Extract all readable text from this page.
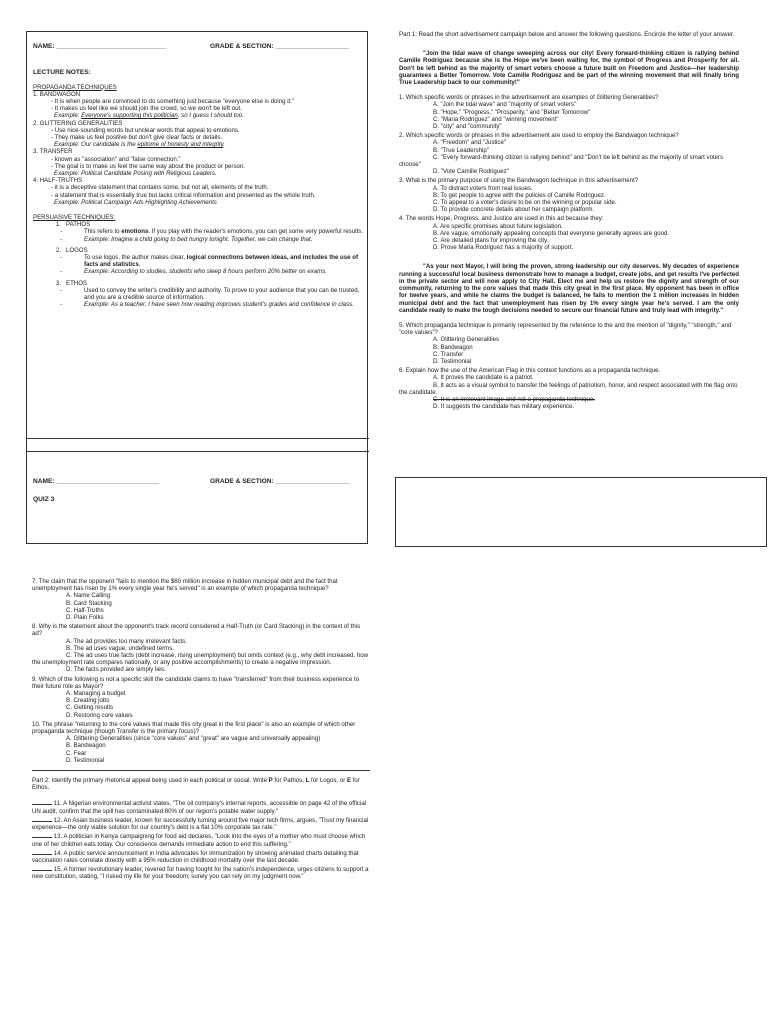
NAME: ______________________________	GRADE & SECTION: ____________________

LECTURE NOTES:

PROPAGANDA TECHNIQUES

1. BANDWAGON

- It is when people are convinced to do something just because "everyone else is doing it."

- It makes us feel like we should join the crowd, so we won't be left out.

Example: Everyone's supporting this politician, so I guess I should too.

2. GLITTERING GENERALITIES

- Use nice-sounding words but unclear words that appeal to emotions.

- They make us feel positive but don't give clear facts or details.

Example: Our candidate is the epitome of honesty and integrity.

3. TRANSFER

- known as "association" and "false connection."

- The goal is to make us feel the same way about the product or person.

Example: Political Candidate Posing with Religious Leaders.

4. HALF-TRUTHS

- it is a deceptive statement that contains some, but not all, elements of the truth.

- a statement that is essentially true but lacks critical information and presented as the whole truth.

Example: Political Campaign Ads Highlighting Achievements

PERSUASIVE TECHNIQUES:

1. PATHOS
-	This refers to emotions. If you play with the reader's emotions, you can get some very powerful results.
-	Example: Imagine a child going to bed hungry tonight. Together, we can change that.
2. LOGOS
-	To use logos, the author makes clear, logical connections between ideas, and includes the use of facts and statistics.
-	Example: According to studies, students who sleep 8 hours perform 20% better on exams.
3. ETHOS
-	Used to convey the writer's credibility and authority. To prove to your audience that you can be trusted, and you are a credible source of information.
-	Example: As a teacher, I have seen how reading improves student's grades and confidence in class.
NAME: ____________________________	GRADE & SECTION: ____________________
QUIZ 3

Part 1: Read the short advertisement campaign below and answer the following questions. Encircle the letter of your answer.

"Join the tidal wave of change sweeping across our city! Every forward-thinking citizen is rallying behind Camille Rodriguez because she is the Hope we've been waiting for, the symbol of Progress and Prosperity for all. Don't be left behind as the majority of smart voters choose a future built on Freedom and Justice—her leadership guarantees a Better Tomorrow. Vote Camille Rodriguez and be part of the winning movement that will finally bring True Leadership back to our community!"

1. Which specific words or phrases in the advertisement are examples of Glittering Generalities?

A. "Join the tidal wave" and "majority of smart voters"

B. "Hope," "Progress," "Prosperity," and "Better Tomorrow"

C. "Maria Rodriguez" and "winning movement"

D. "city" and "community"

2. Which specific words or phrases in the advertisement are used to employ the Bandwagon technique?

A. "Freedom" and "Justice"

B. "True Leadership"

C. "Every forward-thinking citizen is rallying behind" and "Don't be left behind as the majority of smart voters choose"

D. "Vote Camille Rodriguez"

3. What is the primary purpose of using the Bandwagon technique in this advertisement?

A. To distract voters from real issues.

B. To get people to agree with the policies of Camille Rodriguez.

C. To appeal to a voter's desire to be on the winning or popular side.

D. To provide concrete details about her campaign platform.

4. The words Hope, Progress, and Justice are used in this ad because they:

A. Are specific promises about future legislation.

B. Are vague, emotionally appealing concepts that everyone generally agrees are good.

C. Are detailed plans for improving the city.

D. Prove Maria Rodriguez has a majority of support.

"As your next Mayor, I will bring the proven, strong leadership our city deserves. My decades of experience running a successful local business demonstrate how to manage a budget, create jobs, and get results I've perfected in the private sector and will now apply to City Hall. Elect me and help us restore the dignity and strength of our community, returning to the core values that made this city great in the first place. My opponent has been in office for twelve years, and while he claims the budget is balanced, he fails to mention the 1 million increases in hidden municipal debt and the fact that unemployment has risen by 1% every single year he's served. I am the only candidate ready to make the tough decisions needed to secure our financial future and truly lead with integrity."

5. Which propaganda technique is primarily represented by the reference to the and the mention of "dignity," "strength," and "core values"?

A. Glittering Generalities

B. Bandwagon

C. Transfer

D. Testimonial

6. Explain how the use of the American Flag in this context functions as a propaganda technique.

A. It proves the candidate is a patriot.

B. It acts as a visual symbol to transfer the feelings of patriotism, honor, and respect associated with the flag onto the candidate.

C. It is an irrelevant image and not a propaganda technique.

D. It suggests the candidate has military experience.

7. The claim that the opponent "fails to mention the $60 million increase in hidden municipal debt and the fact that unemployment has risen by 1% every single year he's served" is an example of which propaganda technique?

A. Name Calling

B. Card Stacking

C. Half-Truths

D. Plain Folks

8. Why is the statement about the opponent's track record considered a Half-Truth (or Card Stacking) in the context of this ad?

A. The ad provides too many irrelevant facts.

B. The ad uses vague, undefined terms.

C. The ad uses true facts (debt increase, rising unemployment) but omits context (e.g., why debt increased, how the unemployment rate compares nationally, or any positive accomplishments) to create a negative impression.

D. The facts provided are simply lies.

9. Which of the following is not a specific skill the candidate claims to have "transferred" from their business experience to their future role as Mayor?

A. Managing a budget

B. Creating jobs

C. Getting results

D. Restoring core values

10. The phrase "returning to the core values that made this city great in the first place" is also an example of which other propaganda technique (though Transfer is the primary focus)?

A. Glittering Generalities (since "core values" and "great" are vague and universally appealing)

B. Bandwagon

C. Fear

D. Testimonial

Part 2: Identify the primary rhetorical appeal being used in each political or social. Write P for Pathos, L for Logos, or E for Ethos.

11. A Nigerian environmental activist states, "The oil company's internal reports, accessible on page 42 of the official UN audit, confirm that the spill has contaminated 80% of our region's potable water supply."

12. An Asian business leader, known for successfully turning around five major tech firms, argues, "Trust my financial experience—the only viable solution for our country's debt is a flat 10% corporate tax rate."

13. A politician in Kenya campaigning for food aid declares, "Look into the eyes of a mother who must choose which one of her children eats today. Our conscience demands immediate action to end this suffering."

14. A public service announcement in India advocates for immunization by showing animated charts detailing that vaccination rates correlate directly with a 95% reduction in childhood mortality over the last decade.

15. A former revolutionary leader, revered for having fought for the nation's independence, urges citizens to support a new constitution, stating, "I risked my life for your freedom; surely you can rely on my judgment now."
